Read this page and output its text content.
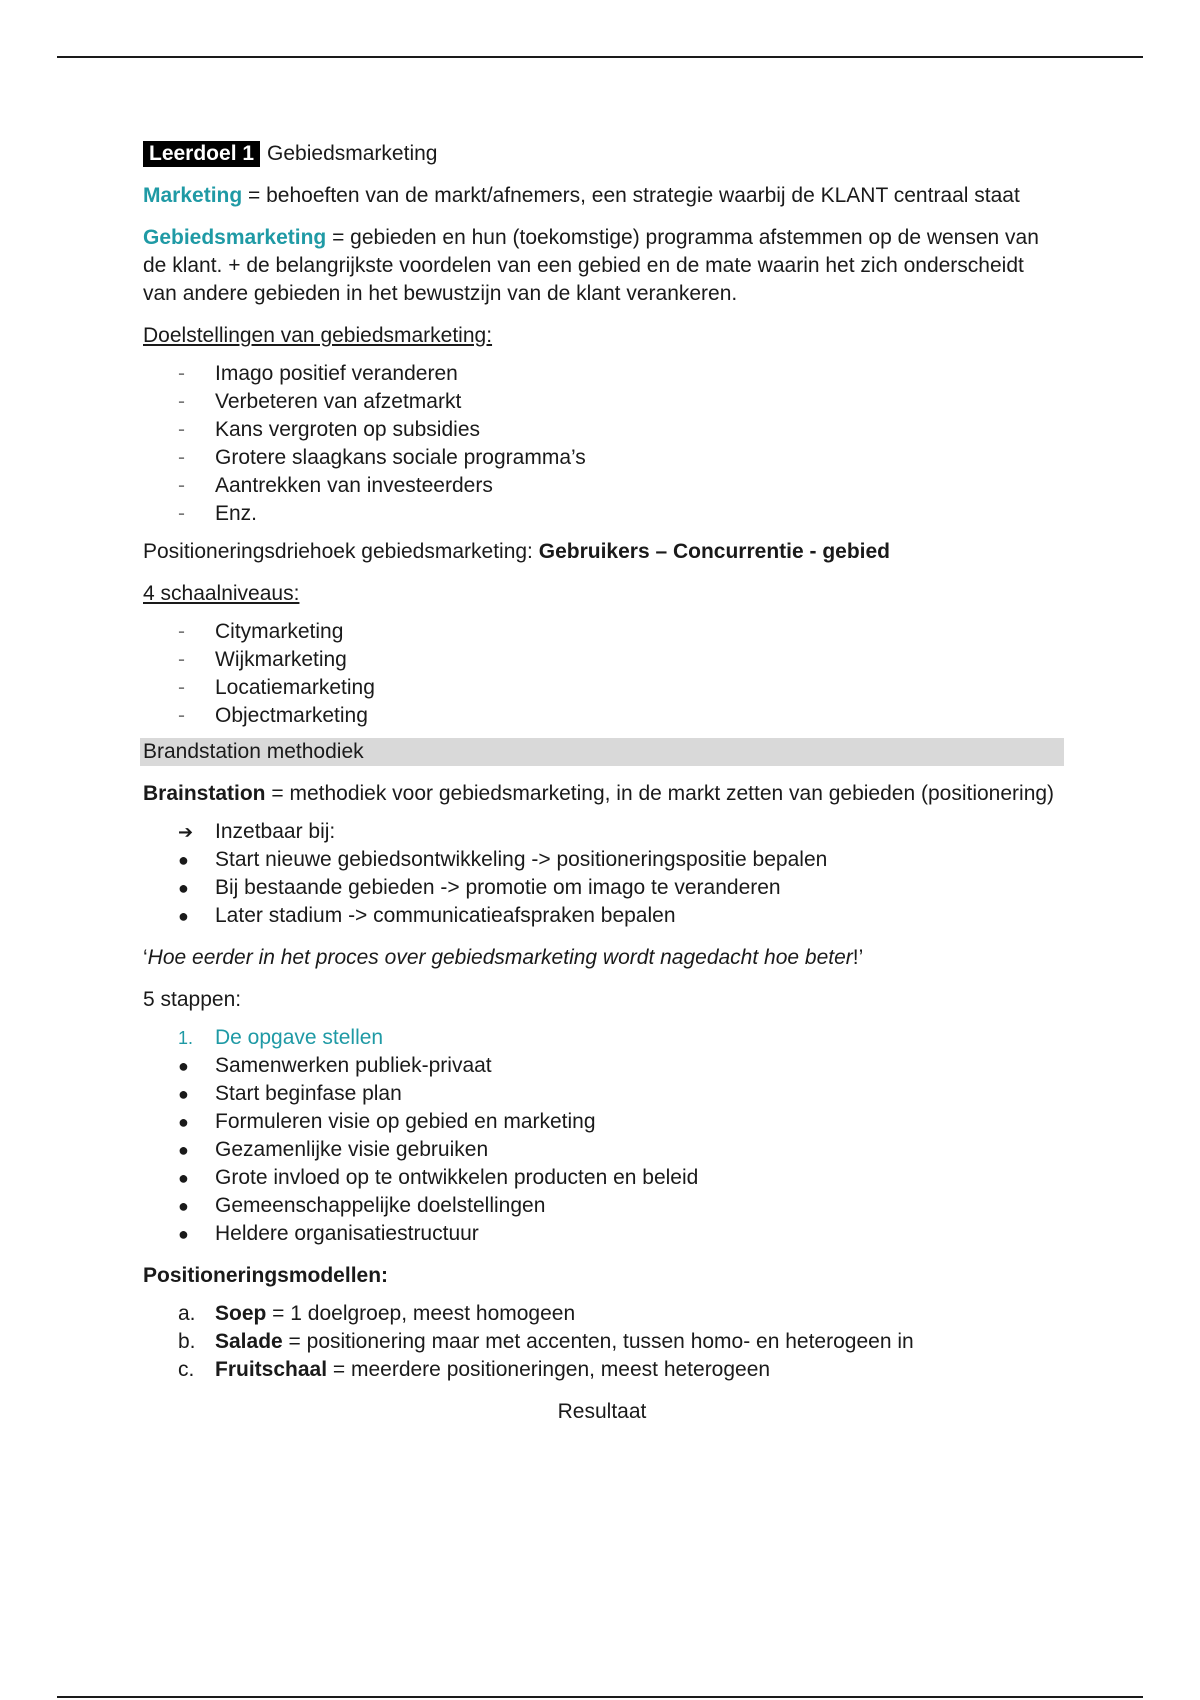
Leerdoel 1 Gebiedsmarketing

Marketing = behoeften van de markt/afnemers, een strategie waarbij de KLANT centraal staat

Gebiedsmarketing = gebieden en hun (toekomstige) programma afstemmen op de wensen van de klant. + de belangrijkste voordelen van een gebied en de mate waarin het zich onderscheidt van andere gebieden in het bewustzijn van de klant verankeren.

Doelstellingen van gebiedsmarketing:

-	Imago positief veranderen
-	Verbeteren van afzetmarkt
-	Kans vergroten op subsidies
-	Grotere slaagkans sociale programma’s
-	Aantrekken van investeerders
-	Enz.

Positioneringsdriehoek gebiedsmarketing: Gebruikers – Concurrentie - gebied

4 schaalniveaus:

-	Citymarketing
-	Wijkmarketing
-	Locatiemarketing
-	Objectmarketing

Brandstation methodiek

Brainstation = methodiek voor gebiedsmarketing, in de markt zetten van gebieden (positionering)

➔	Inzetbaar bij:
●	Start nieuwe gebiedsontwikkeling -> positioneringspositie bepalen
●	Bij bestaande gebieden -> promotie om imago te veranderen
●	Later stadium -> communicatieafspraken bepalen

‘Hoe eerder in het proces over gebiedsmarketing wordt nagedacht hoe beter!’

5 stappen:

1.	De opgave stellen
●	Samenwerken publiek-privaat
●	Start beginfase plan
●	Formuleren visie op gebied en marketing
●	Gezamenlijke visie gebruiken
●	Grote invloed op te ontwikkelen producten en beleid
●	Gemeenschappelijke doelstellingen
●	Heldere organisatiestructuur

Positioneringsmodellen:

a. Soep = 1 doelgroep, meest homogeen
b. Salade = positionering maar met accenten, tussen homo- en heterogeen in
c. Fruitschaal = meerdere positioneringen, meest heterogeen

Resultaat
